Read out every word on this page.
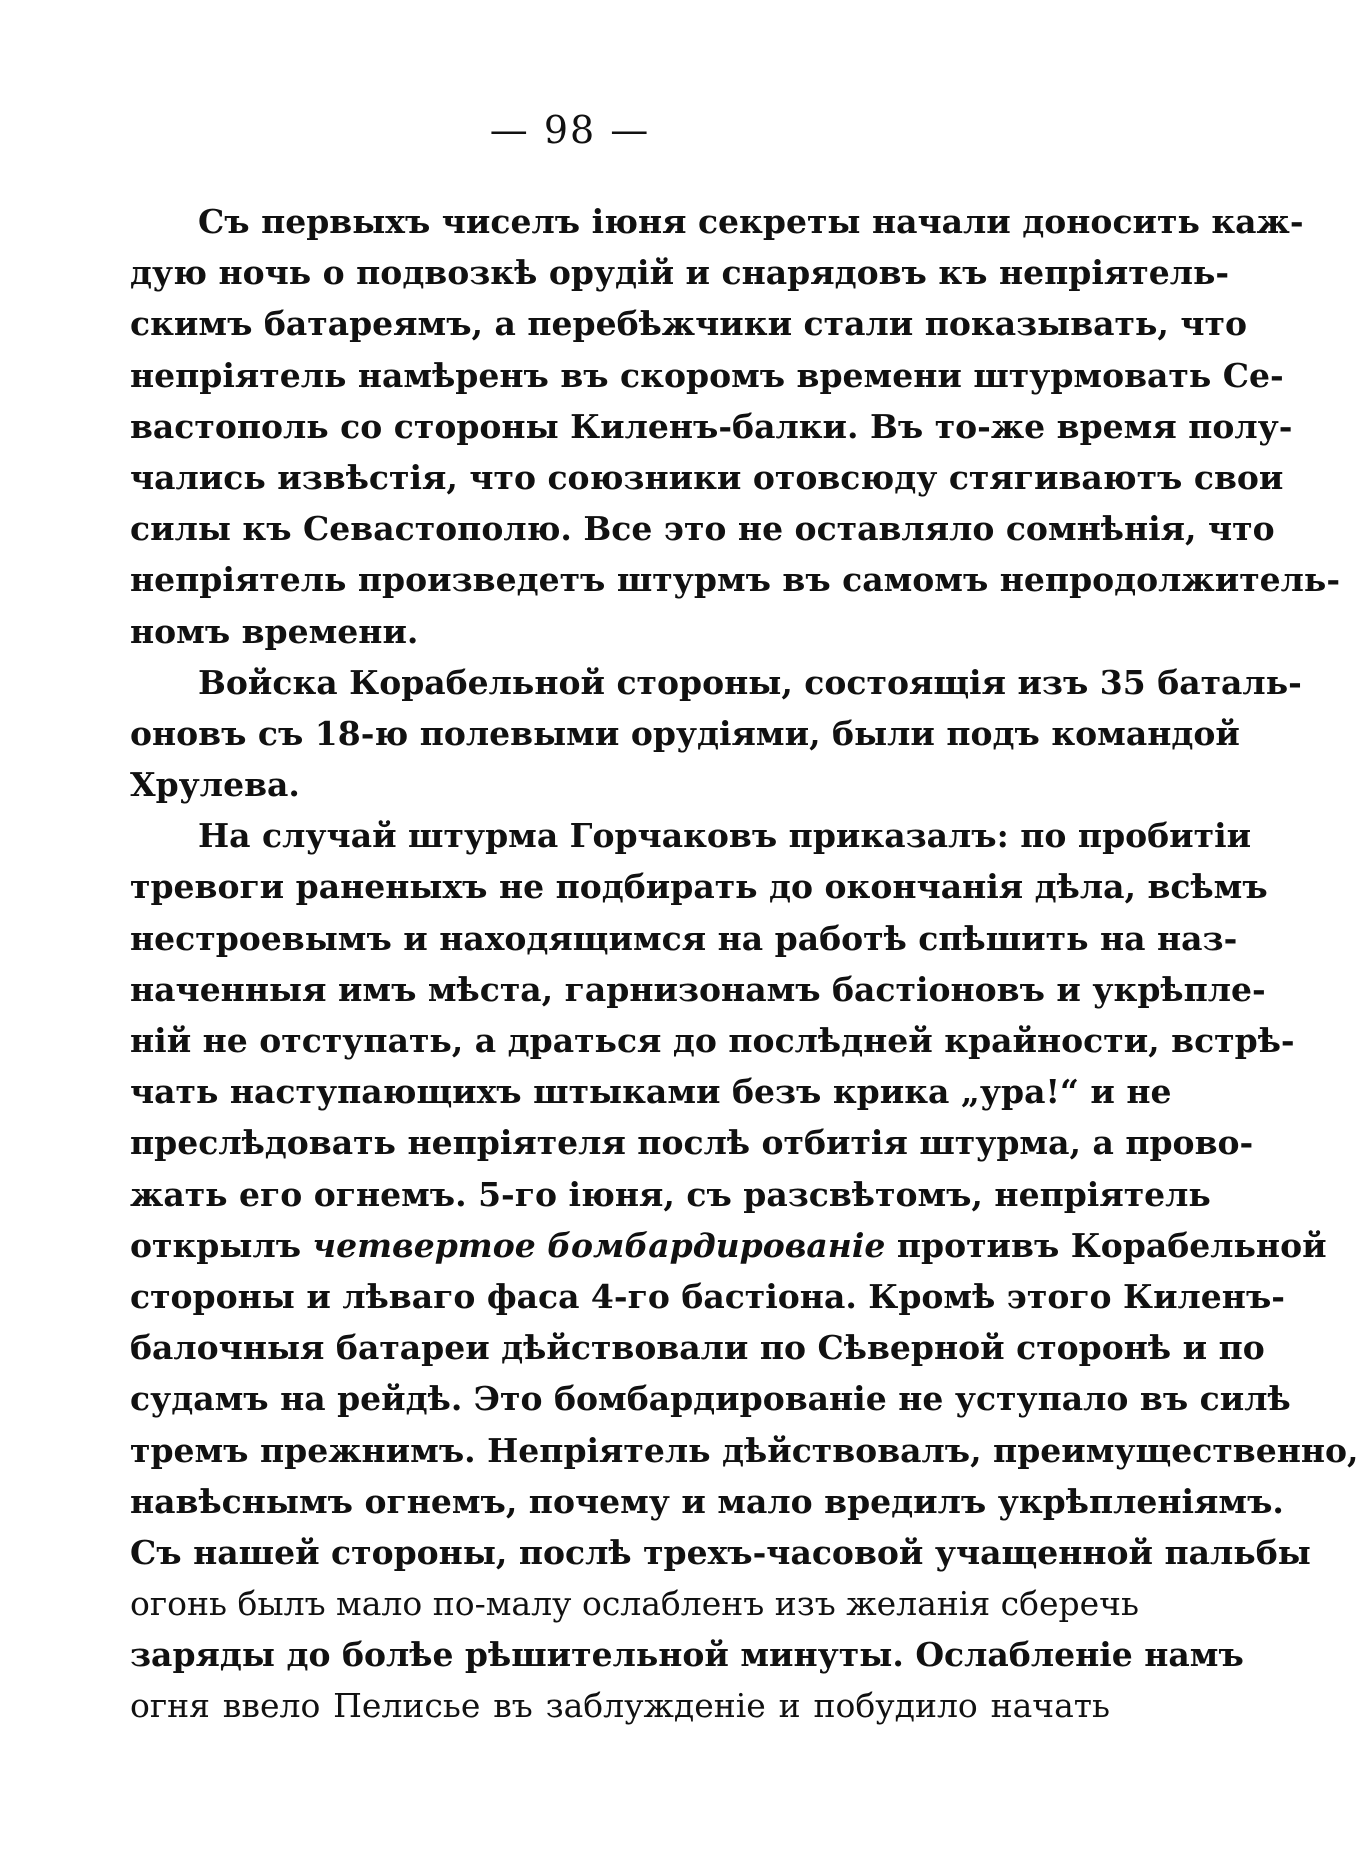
— 98 —
Съ первыхъ чиселъ іюня секреты начали доносить каж-
дую ночь о подвозкѣ орудій и снарядовъ къ непріятель-
скимъ батареямъ, а перебѣжчики стали показывать, что
непріятель намѣренъ въ скоромъ времени штурмовать Се-
вастополь со стороны Киленъ-балки. Въ то-же время полу-
чались извѣстія, что союзники отовсюду стягиваютъ свои
силы къ Севастополю. Все это не оставляло сомнѣнія, что
непріятель произведетъ штурмъ въ самомъ непродолжитель-
номъ времени.
Войска Корабельной стороны, состоящія изъ 35 баталь-
оновъ съ 18-ю полевыми орудіями, были подъ командой
Хрулева.
На случай штурма Горчаковъ приказалъ: по пробитіи
тревоги раненыхъ не подбирать до окончанія дѣла, всѣмъ
нестроевымъ и находящимся на работѣ спѣшить на наз-
наченныя имъ мѣста, гарнизонамъ бастіоновъ и укрѣпле-
ній не отступать, а драться до послѣдней крайности, встрѣ-
чать наступающихъ штыками безъ крика „ура!“ и не
преслѣдовать непріятеля послѣ отбитія штурма, а прово-
жать его огнемъ. 5-го іюня, съ разсвѣтомъ, непріятель
открылъ четвертое бомбардированіе противъ Корабельной
стороны и лѣваго фаса 4-го бастіона. Кромѣ этого Киленъ-
балочныя батареи дѣйствовали по Сѣверной сторонѣ и по
судамъ на рейдѣ. Это бомбардированіе не уступало въ силѣ
тремъ прежнимъ. Непріятель дѣйствовалъ, преимущественно,
навѣснымъ огнемъ, почему и мало вредилъ укрѣпленіямъ.
Съ нашей стороны, послѣ трехъ-часовой учащенной пальбы
огонь былъ мало по-малу ослабленъ изъ желанія сберечь
заряды до болѣе рѣшительной минуты. Ослабленіе намъ
огня ввело Пелисье въ заблужденіе и побудило начать
